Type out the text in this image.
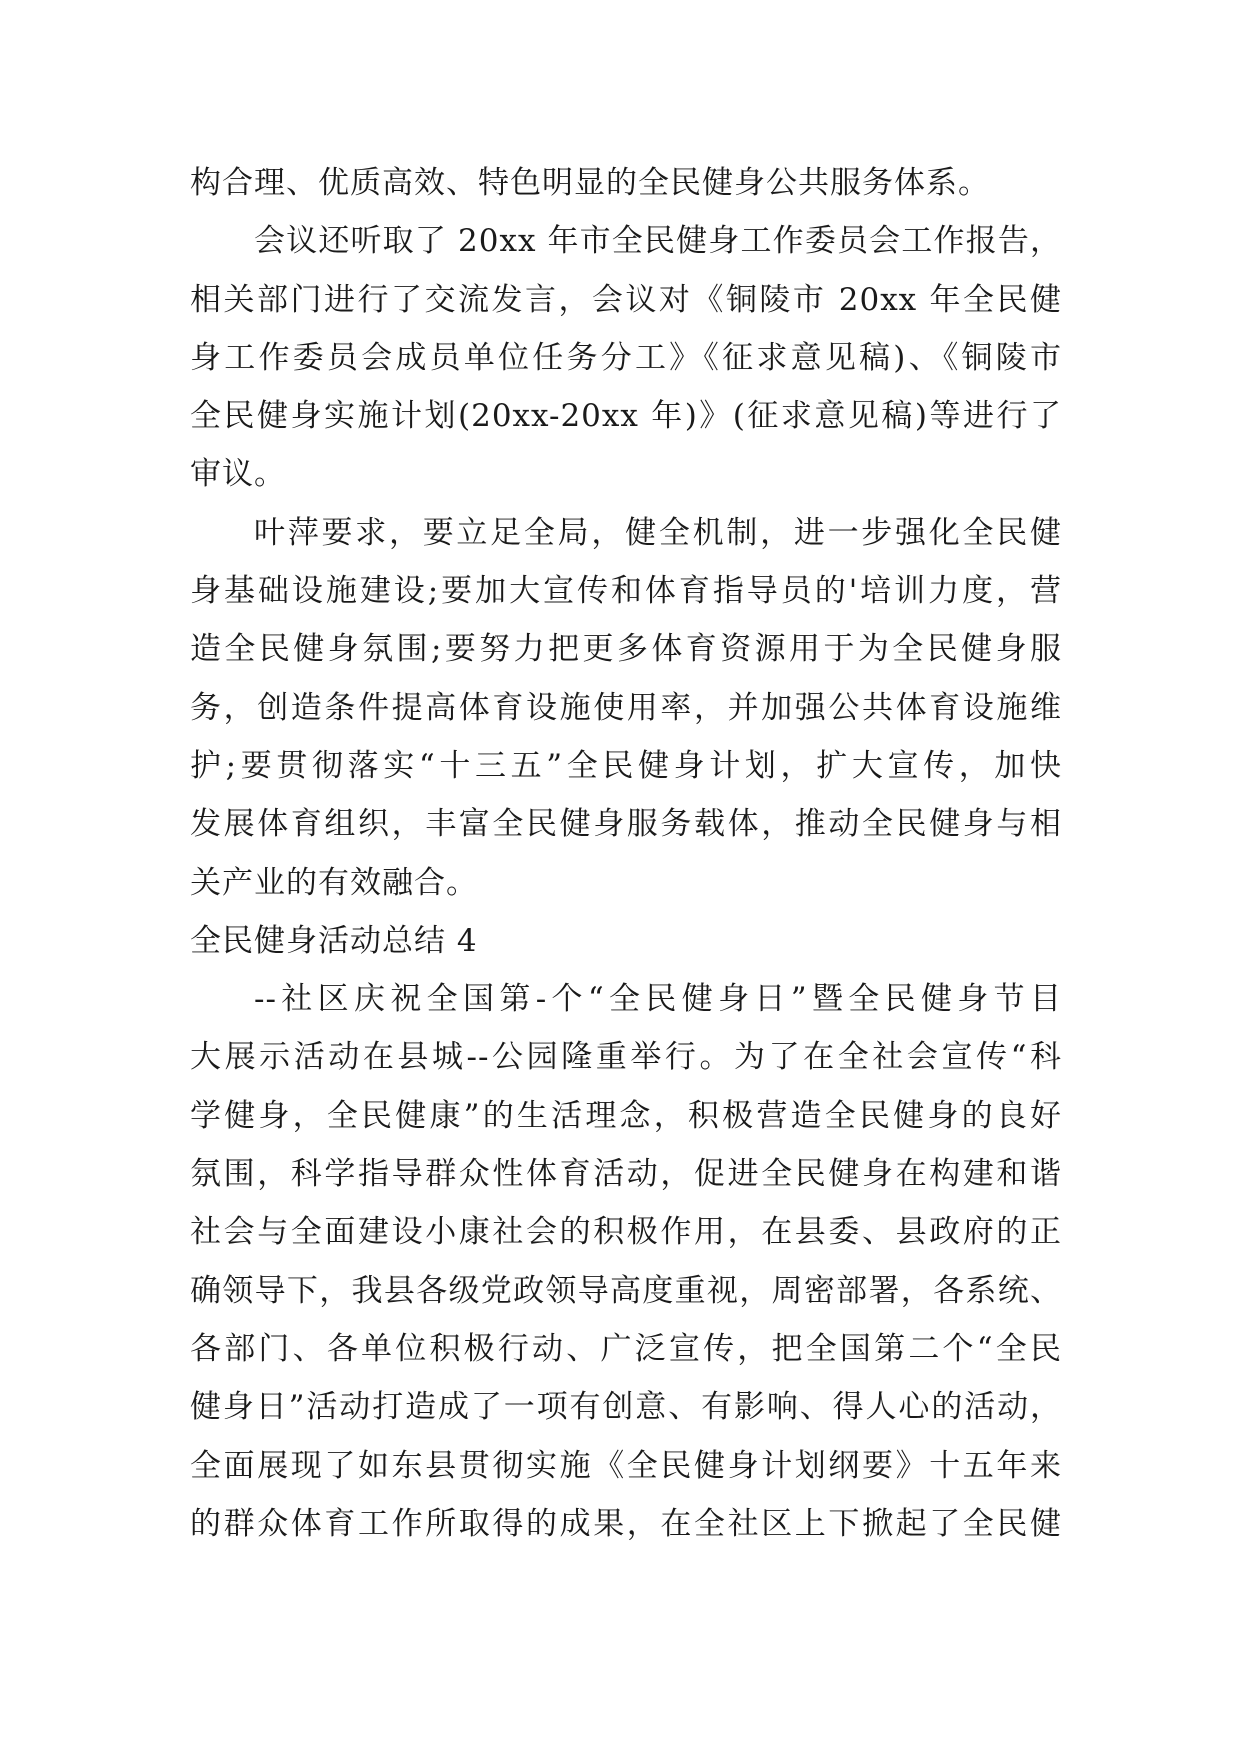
构合理、优质高效、特色明显的全民健身公共服务体系。
会议还听取了 20xx 年市全民健身工作委员会工作报告，
相关部门进行了交流发言，会议对《铜陵市 20xx 年全民健
身工作委员会成员单位任务分工》《征求意见稿)、《铜陵市
全民健身实施计划(20xx-20xx 年)》(征求意见稿)等进行了
审议。
叶萍要求，要立足全局，健全机制，进一步强化全民健
身基础设施建设;要加大宣传和体育指导员的'培训力度，营
造全民健身氛围;要努力把更多体育资源用于为全民健身服
务，创造条件提高体育设施使用率，并加强公共体育设施维
护;要贯彻落实“十三五”全民健身计划，扩大宣传，加快
发展体育组织，丰富全民健身服务载体，推动全民健身与相
关产业的有效融合。
全民健身活动总结 4
--社区庆祝全国第-个“全民健身日”暨全民健身节目
大展示活动在县城--公园隆重举行。为了在全社会宣传“科
学健身，全民健康”的生活理念，积极营造全民健身的良好
氛围，科学指导群众性体育活动，促进全民健身在构建和谐
社会与全面建设小康社会的积极作用，在县委、县政府的正
确领导下，我县各级党政领导高度重视，周密部署，各系统、
各部门、各单位积极行动、广泛宣传，把全国第二个“全民
健身日”活动打造成了一项有创意、有影响、得人心的活动，
全面展现了如东县贯彻实施《全民健身计划纲要》十五年来
的群众体育工作所取得的成果，在全社区上下掀起了全民健
